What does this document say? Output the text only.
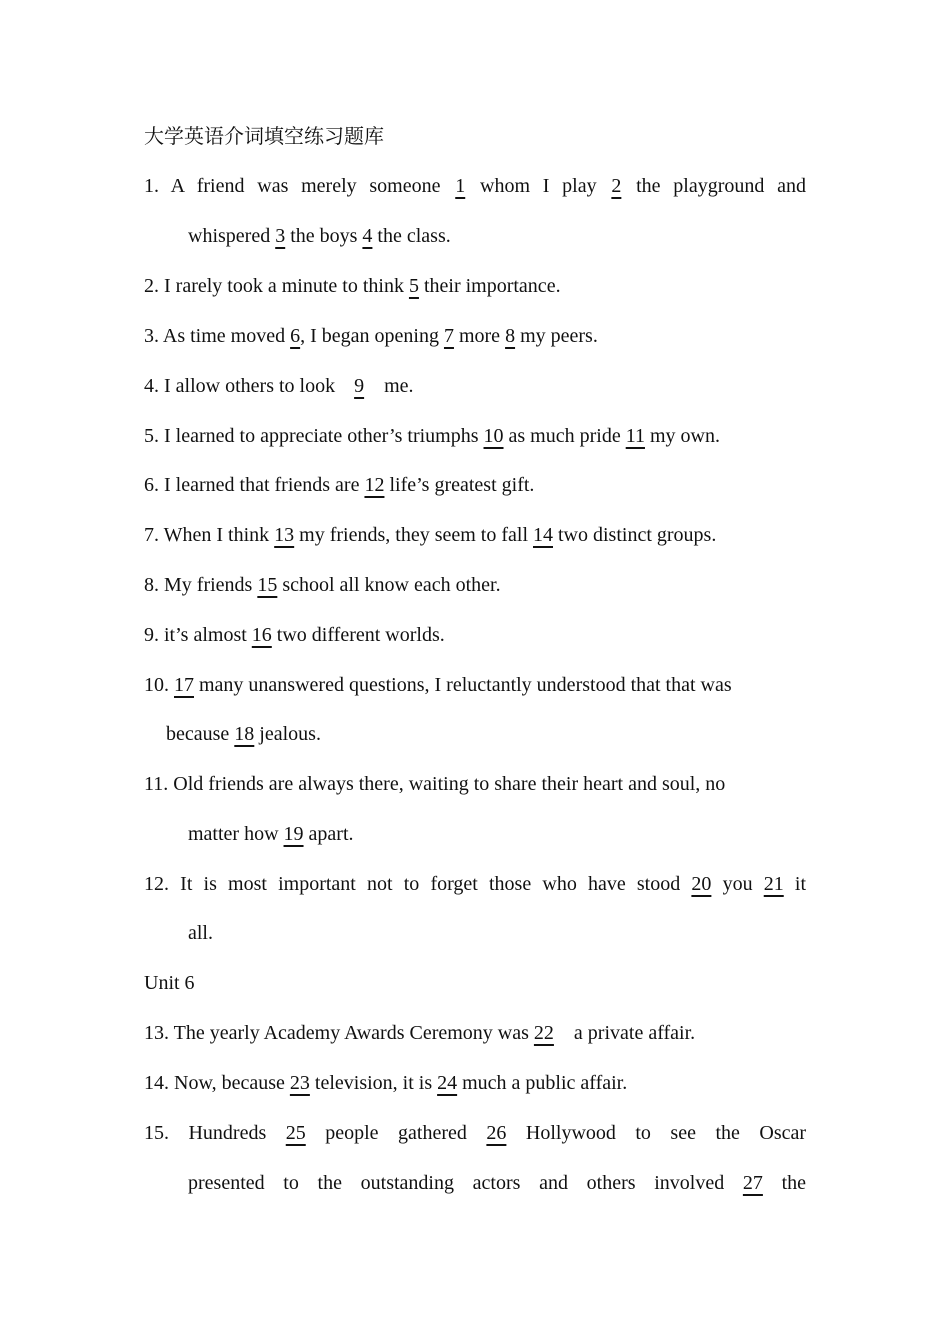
大学英语介词填空练习题库
1. A friend was merely someone 1 whom I play 2 the playground and
whispered 3 the boys 4 the class.
2. I rarely took a minute to think 5 their importance.
3. As time moved 6, I began opening 7 more 8 my peers.
4. I allow others to look   9  me.
5. I learned to appreciate other’s triumphs 10 as much pride 11 my own.
6. I learned that friends are 12 life’s greatest gift.
7. When I think 13 my friends, they seem to fall 14 two distinct groups.
8. My friends 15 school all know each other.
9. it’s almost 16 two different worlds.
10. 17 many unanswered questions, I reluctantly understood that that was
because 18 jealous.
11. Old friends are always there, waiting to share their heart and soul, no
matter how 19 apart.
12. It is most important not to forget those who have stood 20 you 21 it
all.
Unit 6
13. The yearly Academy Awards Ceremony was 22  a private affair.
14. Now, because 23 television, it is 24 much a public affair.
15. Hundreds 25 people gathered 26 Hollywood to see the Oscar
presented to the outstanding actors and others involved 27 the
